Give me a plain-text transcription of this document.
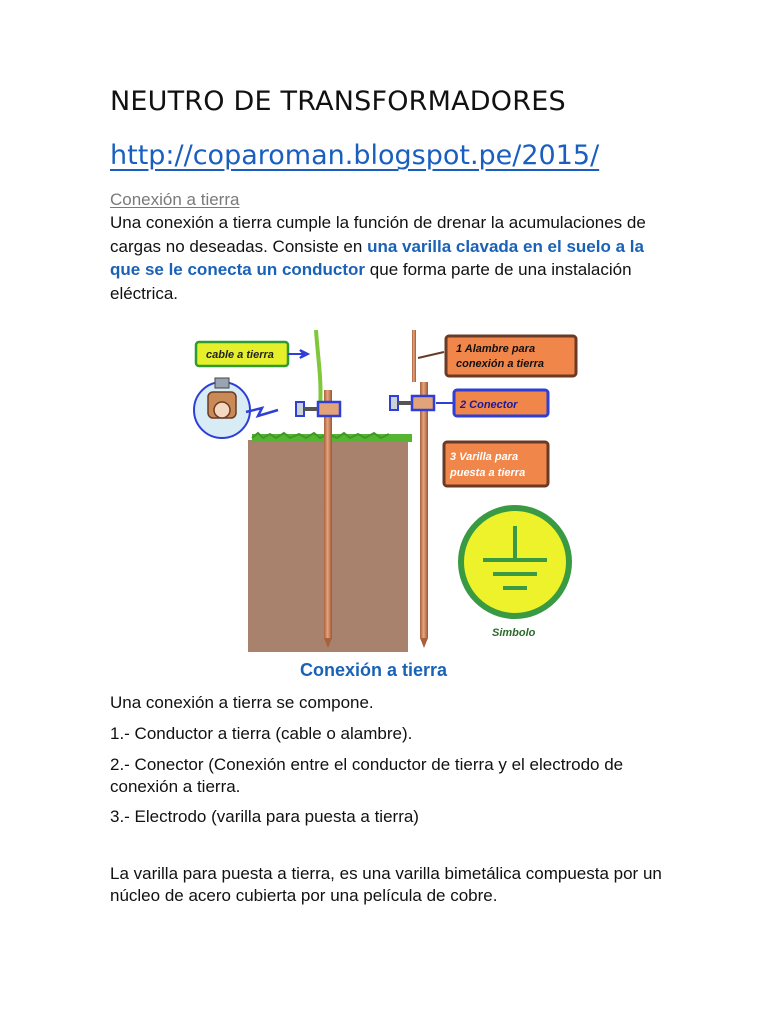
NEUTRO DE TRANSFORMADORES
http://coparoman.blogspot.pe/2015/
Conexión a tierra
Una conexión a tierra cumple la función de drenar la acumulaciones de cargas no deseadas. Consiste en una varilla clavada en el suelo a la que se le conecta un conductor que forma parte de una instalación eléctrica.
cable a tierra	1 Alambre para
conexión a tierra
2 Conector
3 Varilla para
puesta a tierra
Simbolo
Conexión a tierra
Una conexión a tierra se compone.
1.- Conductor a tierra (cable o alambre).
2.- Conector (Conexión entre el conductor de tierra y el electrodo de conexión a tierra.
3.- Electrodo (varilla para puesta a tierra)
La varilla para puesta a tierra, es una varilla bimetálica compuesta por un núcleo de acero cubierta por una película de cobre.
